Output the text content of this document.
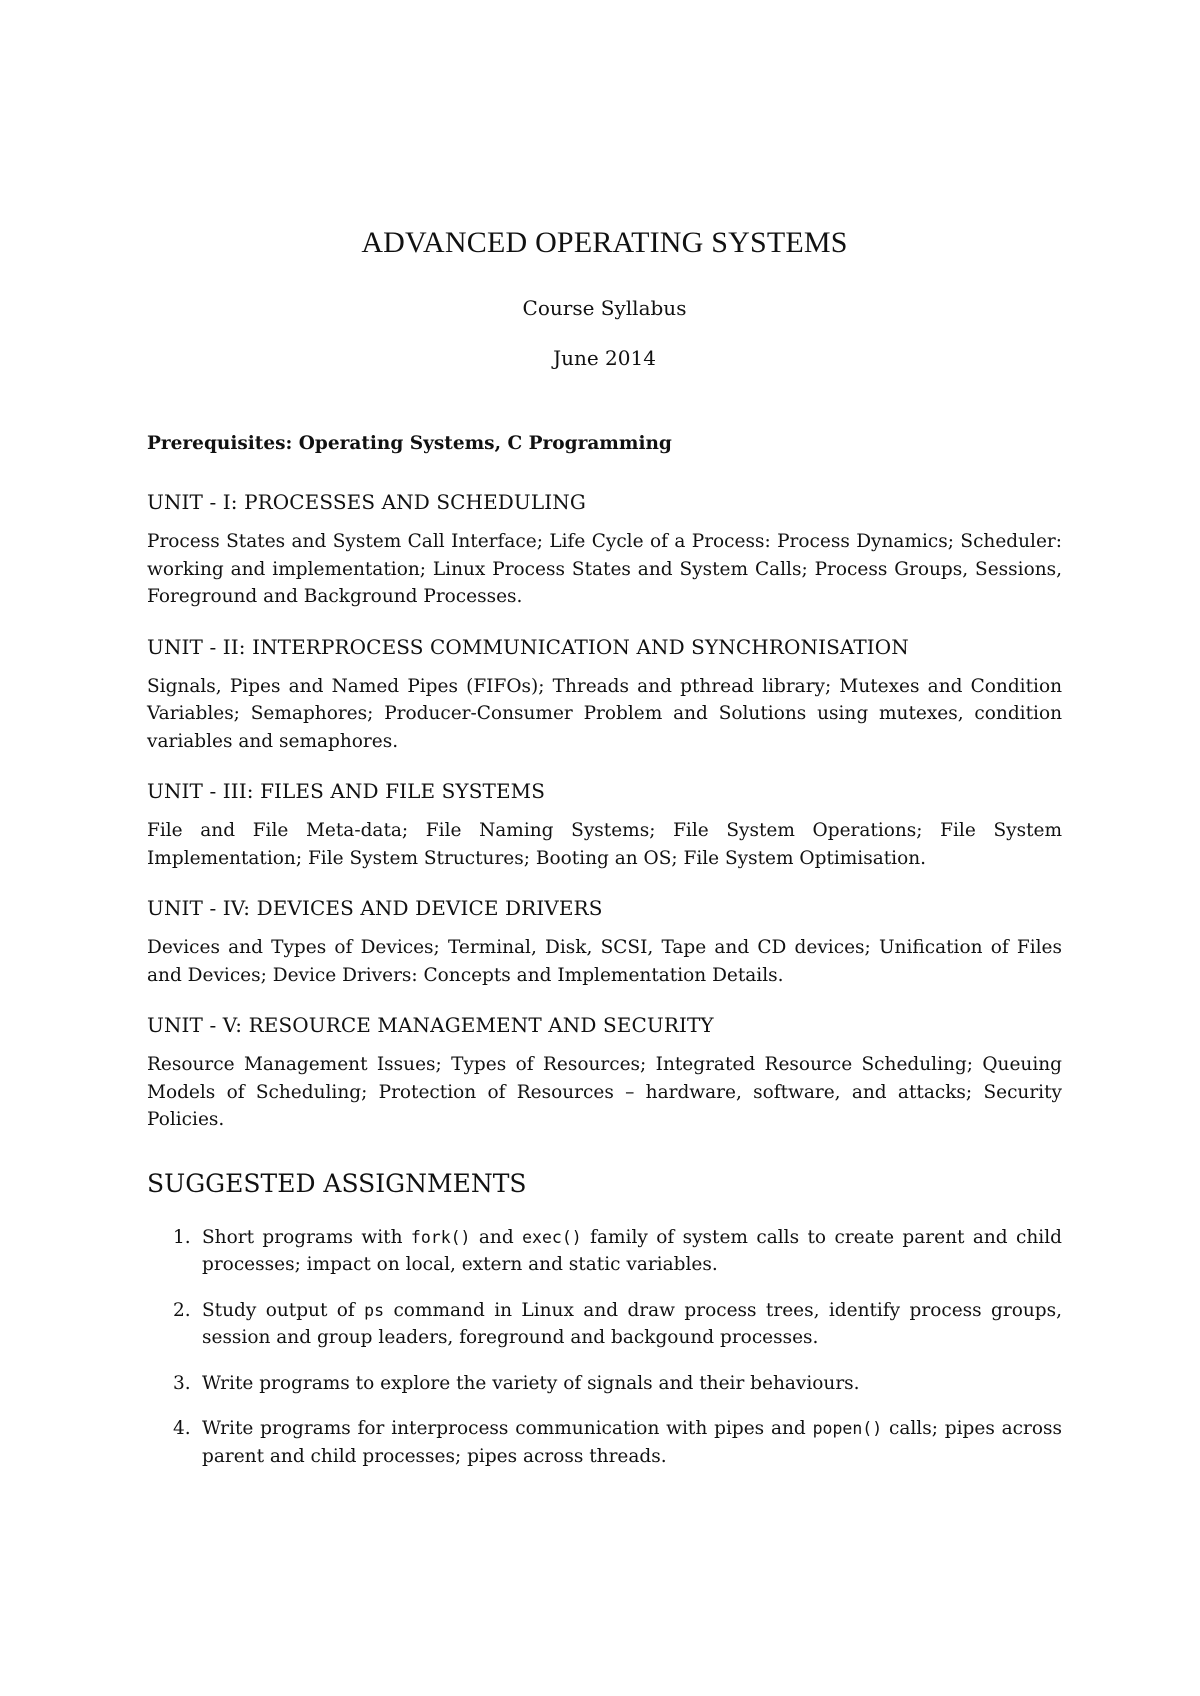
ADVANCED OPERATING SYSTEMS

Course Syllabus

June 2014

Prerequisites: Operating Systems, C Programming

UNIT - I: PROCESSES AND SCHEDULING

Process States and System Call Interface; Life Cycle of a Process: Process Dynamics; Scheduler: working and implementation; Linux Process States and System Calls; Process Groups, Sessions, Foreground and Background Processes.

UNIT - II: INTERPROCESS COMMUNICATION AND SYNCHRONISATION

Signals, Pipes and Named Pipes (FIFOs); Threads and pthread library; Mutexes and Condition Variables; Semaphores; Producer-Consumer Problem and Solutions using mutexes, condition variables and semaphores.

UNIT - III: FILES AND FILE SYSTEMS

File and File Meta-data; File Naming Systems; File System Operations; File System Implementation; File System Structures; Booting an OS; File System Optimisation.

UNIT - IV: DEVICES AND DEVICE DRIVERS

Devices and Types of Devices; Terminal, Disk, SCSI, Tape and CD devices; Unification of Files and Devices; Device Drivers: Concepts and Implementation Details.

UNIT - V: RESOURCE MANAGEMENT AND SECURITY

Resource Management Issues; Types of Resources; Integrated Resource Scheduling; Queuing Models of Scheduling; Protection of Resources – hardware, software, and attacks; Security Policies.

SUGGESTED ASSIGNMENTS
1. Short programs with fork() and exec() family of system calls to create parent and child processes; impact on local, extern and static variables.
2. Study output of ps command in Linux and draw process trees, identify process groups, session and group leaders, foreground and backgound processes.
3. Write programs to explore the variety of signals and their behaviours.
4. Write programs for interprocess communication with pipes and popen() calls; pipes across parent and child processes; pipes across threads.
